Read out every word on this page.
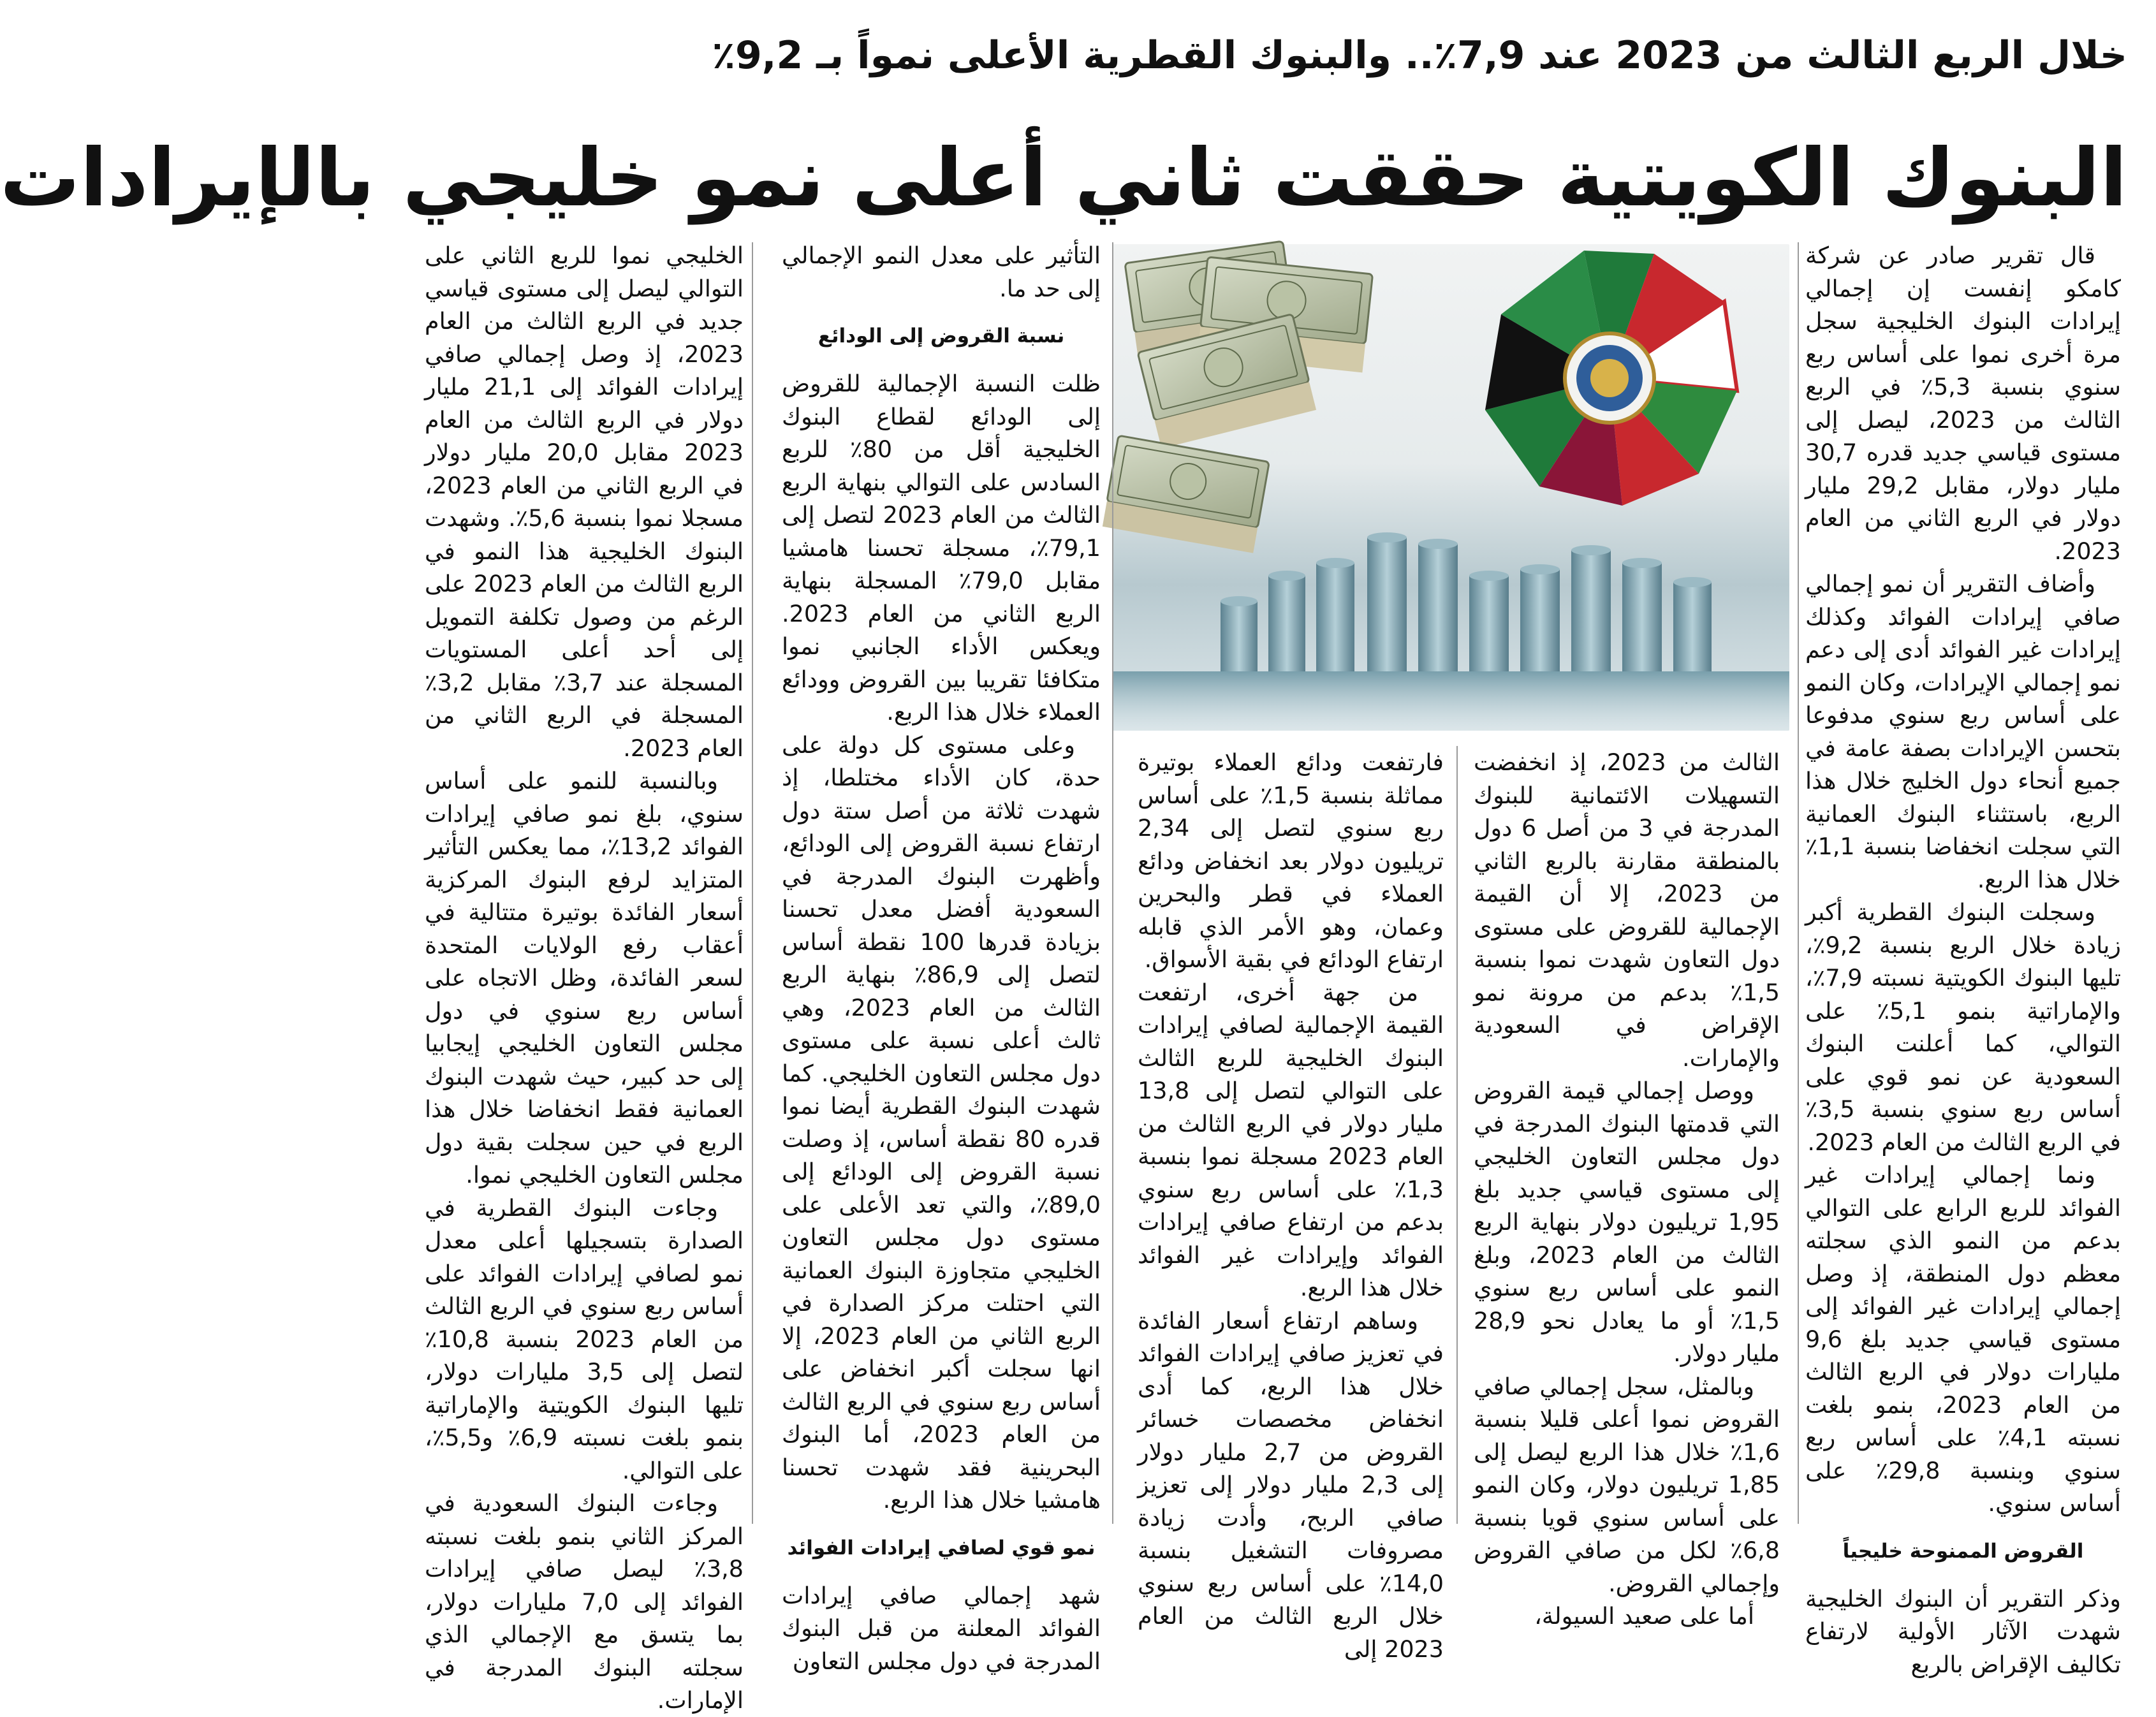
خلال الربع الثالث من 2023 عند 7,9٪.. والبنوك القطرية الأعلى نمواً بـ 9,2٪
البنوك الكويتية حققت ثاني أعلى نمو خليجي بالإيرادات

قال تقرير صادر عن شركة كامكو إنفست إن إجمالي إيرادات البنوك الخليجية سجل مرة أخرى نموا على أساس ربع سنوي بنسبة 5,3٪ في الربع الثالث من 2023، ليصل إلى مستوى قياسي جديد قدره 30,7 مليار دولار، مقابل 29,2 مليار دولار في الربع الثاني من العام 2023.

وأضاف التقرير أن نمو إجمالي صافي إيرادات الفوائد وكذلك إيرادات غير الفوائد أدى إلى دعم نمو إجمالي الإيرادات، وكان النمو على أساس ربع سنوي مدفوعا بتحسن الإيرادات بصفة عامة في جميع أنحاء دول الخليج خلال هذا الربع، باستثناء البنوك العمانية التي سجلت انخفاضا بنسبة 1,1٪ خلال هذا الربع.

وسجلت البنوك القطرية أكبر زيادة خلال الربع بنسبة 9,2٪، تليها البنوك الكويتية نسبته 7,9٪، والإماراتية بنمو 5,1٪ على التوالي، كما أعلنت البنوك السعودية عن نمو قوي على أساس ربع سنوي بنسبة 3,5٪ في الربع الثالث من العام 2023.

ونما إجمالي إيرادات غير الفوائد للربع الرابع على التوالي بدعم من النمو الذي سجلته معظم دول المنطقة، إذ وصل إجمالي إيرادات غير الفوائد إلى مستوى قياسي جديد بلغ 9,6 مليارات دولار في الربع الثالث من العام 2023، بنمو بلغت نسبته 4,1٪ على أساس ربع سنوي وبنسبة 29,8٪ على أساس سنوي.

القروض الممنوحة خليجياً

وذكر التقرير أن البنوك الخليجية شهدت الآثار الأولية لارتفاع تكاليف الإقراض بالربع

الثالث من 2023، إذ انخفضت التسهيلات الائتمانية للبنوك المدرجة في 3 من أصل 6 دول بالمنطقة مقارنة بالربع الثاني من 2023، إلا أن القيمة الإجمالية للقروض على مستوى دول التعاون شهدت نموا بنسبة 1,5٪ بدعم من مرونة نمو الإقراض في السعودية والإمارات.

ووصل إجمالي قيمة القروض التي قدمتها البنوك المدرجة في دول مجلس التعاون الخليجي إلى مستوى قياسي جديد بلغ 1,95 تريليون دولار بنهاية الربع الثالث من العام 2023، وبلغ النمو على أساس ربع سنوي 1,5٪ أو ما يعادل نحو 28,9 مليار دولار.

وبالمثل، سجل إجمالي صافي القروض نموا أعلى قليلا بنسبة 1,6٪ خلال هذا الربع ليصل إلى 1,85 تريليون دولار، وكان النمو على أساس سنوي قويا بنسبة 6,8٪ لكل من صافي القروض وإجمالي القروض.

أما على صعيد السيولة،

فارتفعت ودائع العملاء بوتيرة مماثلة بنسبة 1,5٪ على أساس ربع سنوي لتصل إلى 2,34 تريليون دولار بعد انخفاض ودائع العملاء في قطر والبحرين وعمان، وهو الأمر الذي قابله ارتفاع الودائع في بقية الأسواق.

من جهة أخرى، ارتفعت القيمة الإجمالية لصافي إيرادات البنوك الخليجية للربع الثالث على التوالي لتصل إلى 13,8 مليار دولار في الربع الثالث من العام 2023 مسجلة نموا بنسبة 1,3٪ على أساس ربع سنوي بدعم من ارتفاع صافي إيرادات الفوائد وإيرادات غير الفوائد خلال هذا الربع.

وساهم ارتفاع أسعار الفائدة في تعزيز صافي إيرادات الفوائد خلال هذا الربع، كما أدى انخفاض مخصصات خسائر القروض من 2,7 مليار دولار إلى 2,3 مليار دولار إلى تعزيز صافي الربح، وأدت زيادة مصروفات التشغيل بنسبة 14,0٪ على أساس ربع سنوي خلال الربع الثالث من العام 2023 إلى

التأثير على معدل النمو الإجمالي إلى حد ما.

نسبة القروض إلى الودائع

ظلت النسبة الإجمالية للقروض إلى الودائع لقطاع البنوك الخليجية أقل من 80٪ للربع السادس على التوالي بنهاية الربع الثالث من العام 2023 لتصل إلى 79,1٪، مسجلة تحسنا هامشيا مقابل 79,0٪ المسجلة بنهاية الربع الثاني من العام 2023. ويعكس الأداء الجانبي نموا متكافئا تقريبا بين القروض وودائع العملاء خلال هذا الربع.

وعلى مستوى كل دولة على حدة، كان الأداء مختلطا، إذ شهدت ثلاثة من أصل ستة دول ارتفاع نسبة القروض إلى الودائع، وأظهرت البنوك المدرجة في السعودية أفضل معدل تحسنا بزيادة قدرها 100 نقطة أساس لتصل إلى 86,9٪ بنهاية الربع الثالث من العام 2023، وهي ثالث أعلى نسبة على مستوى دول مجلس التعاون الخليجي. كما شهدت البنوك القطرية أيضا نموا قدره 80 نقطة أساس، إذ وصلت نسبة القروض إلى الودائع إلى 89,0٪، والتي تعد الأعلى على مستوى دول مجلس التعاون الخليجي متجاوزة البنوك العمانية التي احتلت مركز الصدارة في الربع الثاني من العام 2023، إلا انها سجلت أكبر انخفاض على أساس ربع سنوي في الربع الثالث من العام 2023، أما البنوك البحرينية فقد شهدت تحسنا هامشيا خلال هذا الربع.

نمو قوي لصافي إيرادات الفوائد

شهد إجمالي صافي إيرادات الفوائد المعلنة من قبل البنوك المدرجة في دول مجلس التعاون

الخليجي نموا للربع الثاني على التوالي ليصل إلى مستوى قياسي جديد في الربع الثالث من العام 2023، إذ وصل إجمالي صافي إيرادات الفوائد إلى 21,1 مليار دولار في الربع الثالث من العام 2023 مقابل 20,0 مليار دولار في الربع الثاني من العام 2023، مسجلا نموا بنسبة 5,6٪. وشهدت البنوك الخليجية هذا النمو في الربع الثالث من العام 2023 على الرغم من وصول تكلفة التمويل إلى أحد أعلى المستويات المسجلة عند 3,7٪ مقابل 3,2٪ المسجلة في الربع الثاني من العام 2023.

وبالنسبة للنمو على أساس سنوي، بلغ نمو صافي إيرادات الفوائد 13,2٪، مما يعكس التأثير المتزايد لرفع البنوك المركزية أسعار الفائدة بوتيرة متتالية في أعقاب رفع الولايات المتحدة لسعر الفائدة، وظل الاتجاه على أساس ربع سنوي في دول مجلس التعاون الخليجي إيجابيا إلى حد كبير، حيث شهدت البنوك العمانية فقط انخفاضا خلال هذا الربع في حين سجلت بقية دول مجلس التعاون الخليجي نموا.

وجاءت البنوك القطرية في الصدارة بتسجيلها أعلى معدل نمو لصافي إيرادات الفوائد على أساس ربع سنوي في الربع الثالث من العام 2023 بنسبة 10,8٪ لتصل إلى 3,5 مليارات دولار، تليها البنوك الكويتية والإماراتية بنمو بلغت نسبته 6,9٪ و5,5٪، على التوالي.

وجاءت البنوك السعودية في المركز الثاني بنمو بلغت نسبته 3,8٪ ليصل صافي إيرادات الفوائد إلى 7,0 مليارات دولار، بما يتسق مع الإجمالي الذي سجلته البنوك المدرجة في الإمارات.
